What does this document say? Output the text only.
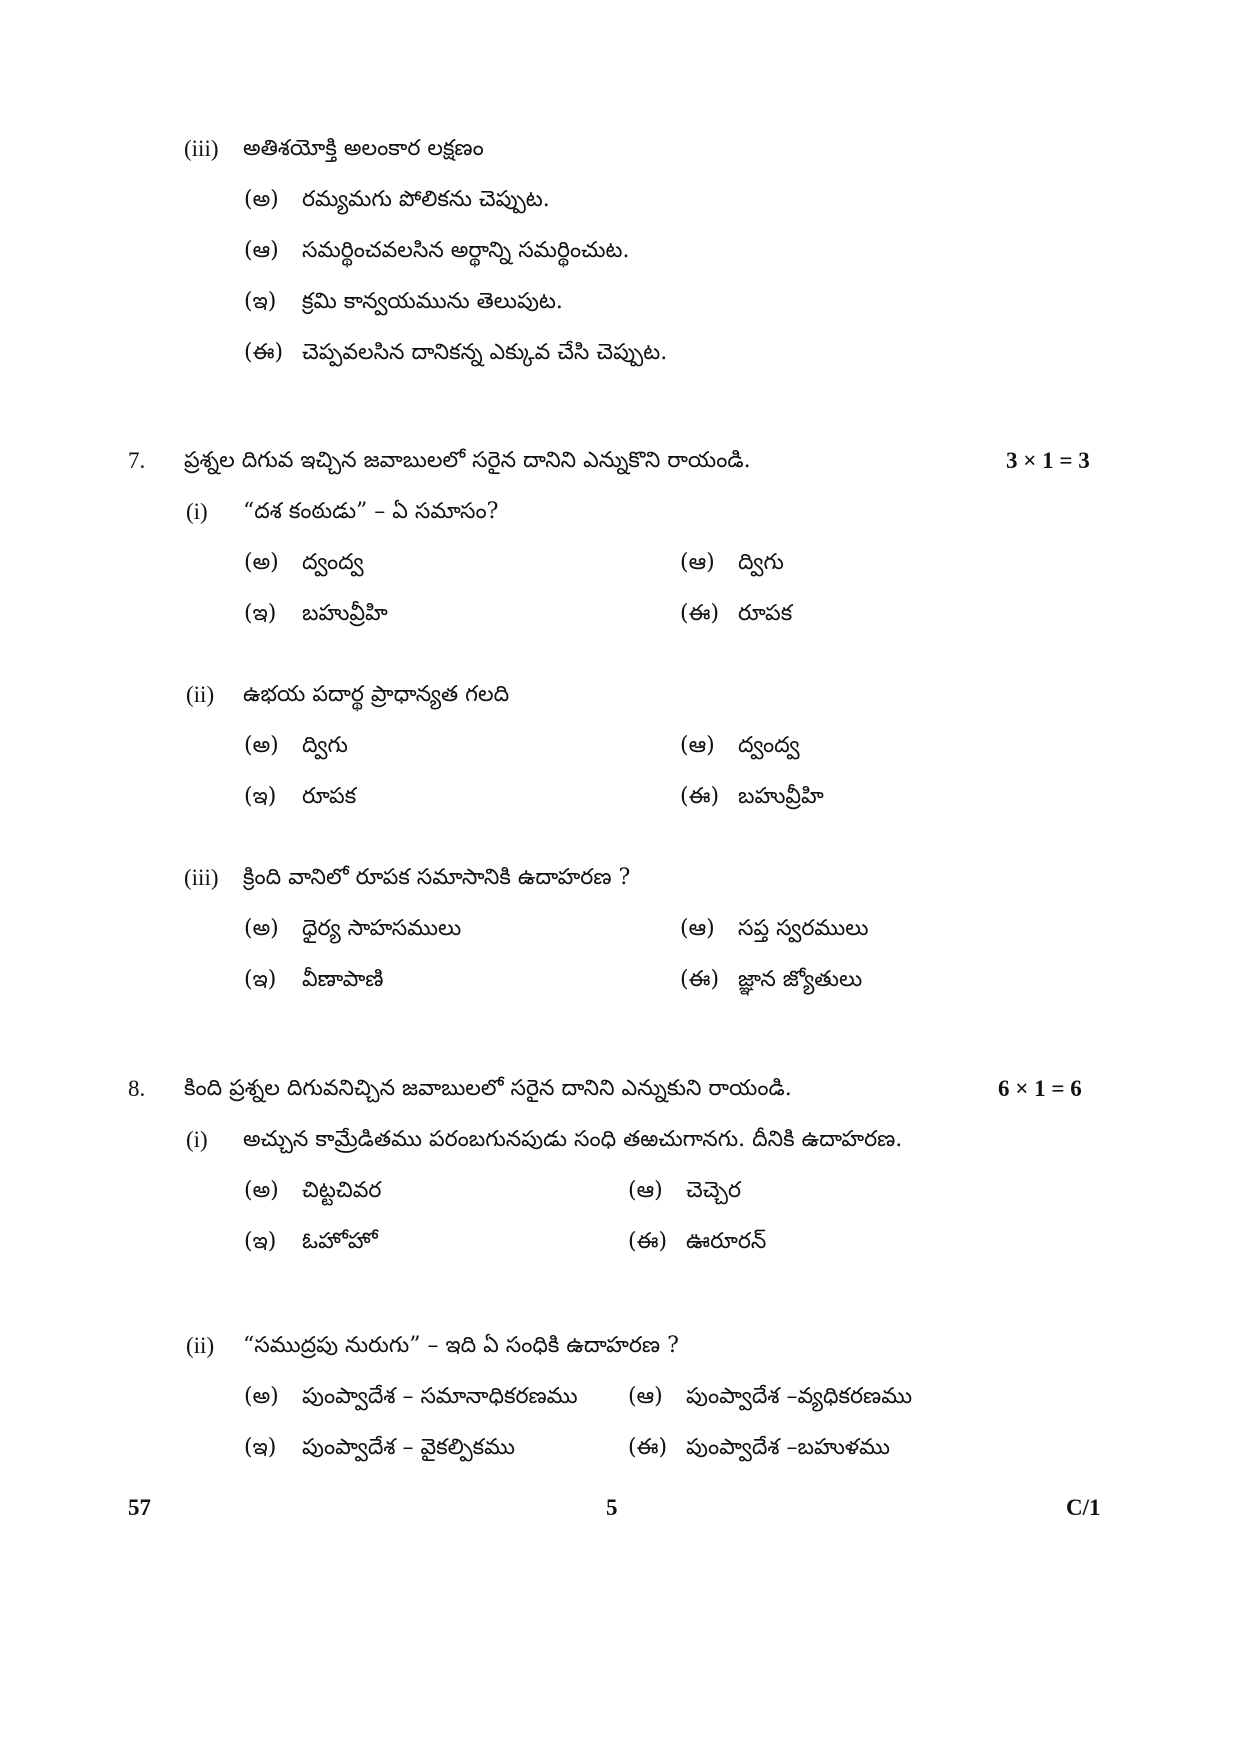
(iii) అతిశయోక్తి అలంకార లక్షణం
(అ) రమ్యమగు పోలికను చెప్పుట.
(ఆ) సమర్థించవలసిన అర్థాన్ని సమర్థించుట.
(ఇ) క్రమి కాన్వయమును తెలుపుట.
(ఈ) చెప్పవలసిన దానికన్న ఎక్కువ చేసి చెప్పుట.
7. ప్రశ్నల దిగువ ఇచ్చిన జవాబులలో సరైన దానిని ఎన్నుకొని రాయండి.	3 × 1 = 3
(i) “దశ కంఠుడు” – ఏ సమాసం?
(అ) ద్వంద్వ	(ఆ) ద్విగు
(ఇ) బహువ్రీహి	(ఈ) రూపక
(ii) ఉభయ పదార్థ ప్రాధాన్యత గలది
(అ) ద్విగు	(ఆ) ద్వంద్వ
(ఇ) రూపక	(ఈ) బహువ్రీహి
(iii) క్రింది వానిలో రూపక సమాసానికి ఉదాహరణ ?
(అ) ధైర్య సాహసములు	(ఆ) సప్త స్వరములు
(ఇ) వీణాపాణి	(ఈ) జ్ఞాన జ్యోతులు
8. కింది ప్రశ్నల దిగువనిచ్చిన జవాబులలో సరైన దానిని ఎన్నుకుని రాయండి.	6 × 1 = 6
(i) అచ్చున కామ్రేడితము పరంబగునపుడు సంధి తఱచుగానగు. దీనికి ఉదాహరణ.
(అ) చిట్టచివర	(ఆ) చెచ్చెర
(ఇ) ఓహోహో	(ఈ) ఊరూరన్
(ii) “సముద్రపు నురుగు” – ఇది ఏ సంధికి ఉదాహరణ ?
(అ) పుంప్వాదేశ – సమానాధికరణము (ఆ) పుంప్వాదేశ –వ్యధికరణము
(ఇ) పుంప్వాదేశ – వైకల్పికము	(ఈ) పుంప్వాదేశ –బహుళము
57	5	C/1
